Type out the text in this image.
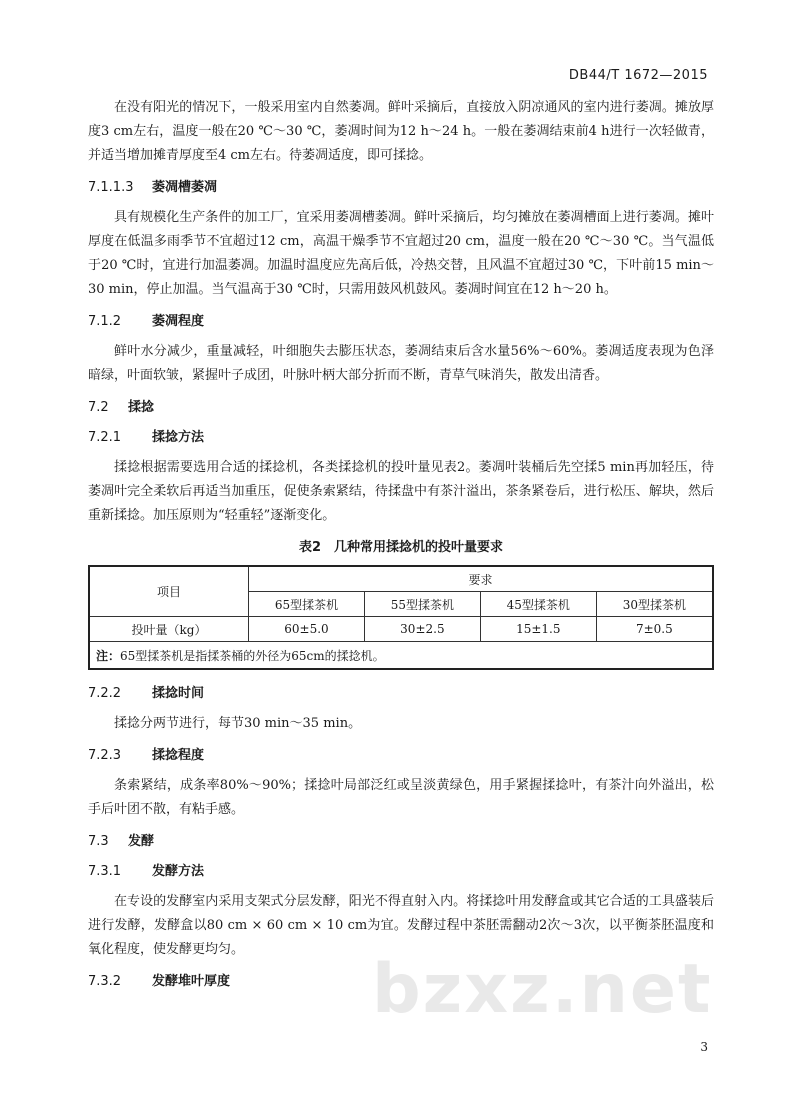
DB44/T 1672—2015

在没有阳光的情况下，一般采用室内自然萎凋。鲜叶采摘后，直接放入阴凉通风的室内进行萎凋。摊放厚度3 cm左右，温度一般在20 ℃～30 ℃，萎凋时间为12 h～24 h。一般在萎凋结束前4 h进行一次轻做青，并适当增加摊青厚度至4 cm左右。待萎凋适度，即可揉捻。

7.1.1.3 萎凋槽萎凋

具有规模化生产条件的加工厂，宜采用萎凋槽萎凋。鲜叶采摘后，均匀摊放在萎凋槽面上进行萎凋。摊叶厚度在低温多雨季节不宜超过12 cm，高温干燥季节不宜超过20 cm，温度一般在20 ℃～30 ℃。当气温低于20 ℃时，宜进行加温萎凋。加温时温度应先高后低，冷热交替，且风温不宜超过30 ℃，下叶前15 min～30 min，停止加温。当气温高于30 ℃时，只需用鼓风机鼓风。萎凋时间宜在12 h～20 h。

7.1.2 萎凋程度

鲜叶水分减少，重量减轻，叶细胞失去膨压状态，萎凋结束后含水量56%～60%。萎凋适度表现为色泽暗绿，叶面软皱，紧握叶子成团，叶脉叶柄大部分折而不断，青草气味消失，散发出清香。

7.2 揉捻
7.2.1 揉捻方法

揉捻根据需要选用合适的揉捻机，各类揉捻机的投叶量见表2。萎凋叶装桶后先空揉5 min再加轻压，待萎凋叶完全柔软后再适当加重压，促使条索紧结，待揉盘中有茶汁溢出，茶条紧卷后，进行松压、解块，然后重新揉捻。加压原则为“轻重轻”逐渐变化。

表2　几种常用揉捻机的投叶量要求
项目	要求			
	65型揉茶机	55型揉茶机	45型揉茶机	30型揉茶机
投叶量（kg）	60±5.0	30±2.5	15±1.5	7±0.5
注：65型揉茶机是指揉茶桶的外径为65cm的揉捻机。				
7.2.2 揉捻时间

揉捻分两节进行，每节30 min～35 min。

7.2.3 揉捻程度

条索紧结，成条率80%～90%；揉捻叶局部泛红或呈淡黄绿色，用手紧握揉捻叶，有茶汁向外溢出，松手后叶团不散，有粘手感。

7.3 发酵
7.3.1 发酵方法

在专设的发酵室内采用支架式分层发酵，阳光不得直射入内。将揉捻叶用发酵盒或其它合适的工具盛装后进行发酵，发酵盒以80 cm × 60 cm × 10 cm为宜。发酵过程中茶胚需翻动2次～3次，以平衡茶胚温度和氧化程度，使发酵更均匀。

7.3.2 发酵堆叶厚度	bzxz.net
3
